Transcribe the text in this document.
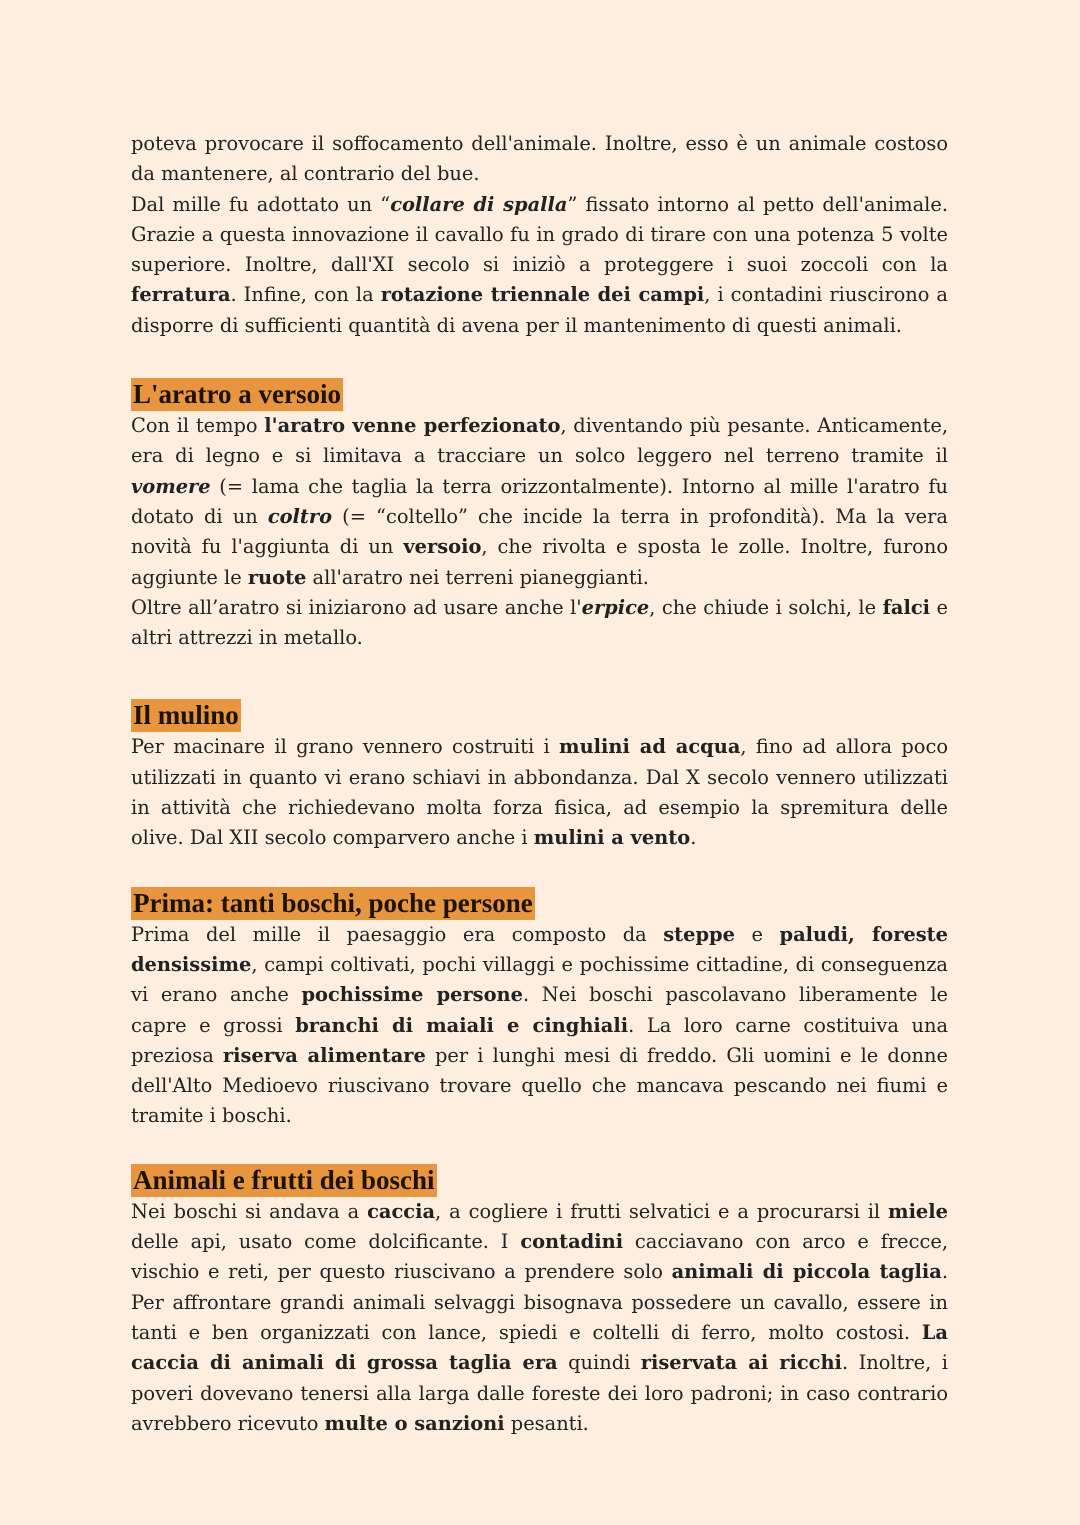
poteva provocare il soffocamento dell'animale. Inoltre, esso è un animale costoso da mantenere, al contrario del bue.

Dal mille fu adottato un “collare di spalla” fissato intorno al petto dell'animale. Grazie a questa innovazione il cavallo fu in grado di tirare con una potenza 5 volte superiore. Inoltre, dall'XI secolo si iniziò a proteggere i suoi zoccoli con la ferratura. Infine, con la rotazione triennale dei campi, i contadini riuscirono a disporre di sufficienti quantità di avena per il mantenimento di questi animali.

L'aratro a versoio

Con il tempo l'aratro venne perfezionato, diventando più pesante. Anticamente, era di legno e si limitava a tracciare un solco leggero nel terreno tramite il vomere (= lama che taglia la terra orizzontalmente). Intorno al mille l'aratro fu dotato di un coltro (= “coltello” che incide la terra in profondità). Ma la vera novità fu l'aggiunta di un versoio, che rivolta e sposta le zolle. Inoltre, furono aggiunte le ruote all'aratro nei terreni pianeggianti.

Oltre all’aratro si iniziarono ad usare anche l'erpice, che chiude i solchi, le falci e altri attrezzi in metallo.

Il mulino

Per macinare il grano vennero costruiti i mulini ad acqua, fino ad allora poco utilizzati in quanto vi erano schiavi in abbondanza. Dal X secolo vennero utilizzati in attività che richiedevano molta forza fisica, ad esempio la spremitura delle olive. Dal XII secolo comparvero anche i mulini a vento.

Prima: tanti boschi, poche persone

Prima del mille il paesaggio era composto da steppe e paludi, foreste densissime, campi coltivati, pochi villaggi e pochissime cittadine, di conseguenza vi erano anche pochissime persone. Nei boschi pascolavano liberamente le capre e grossi branchi di maiali e cinghiali. La loro carne costituiva una preziosa riserva alimentare per i lunghi mesi di freddo. Gli uomini e le donne dell'Alto Medioevo riuscivano trovare quello che mancava pescando nei fiumi e tramite i boschi.

Animali e frutti dei boschi

Nei boschi si andava a caccia, a cogliere i frutti selvatici e a procurarsi il miele delle api, usato come dolcificante. I contadini cacciavano con arco e frecce, vischio e reti, per questo riuscivano a prendere solo animali di piccola taglia. Per affrontare grandi animali selvaggi bisognava possedere un cavallo, essere in tanti e ben organizzati con lance, spiedi e coltelli di ferro, molto costosi. La caccia di animali di grossa taglia era quindi riservata ai ricchi. Inoltre, i poveri dovevano tenersi alla larga dalle foreste dei loro padroni; in caso contrario avrebbero ricevuto multe o sanzioni pesanti.
